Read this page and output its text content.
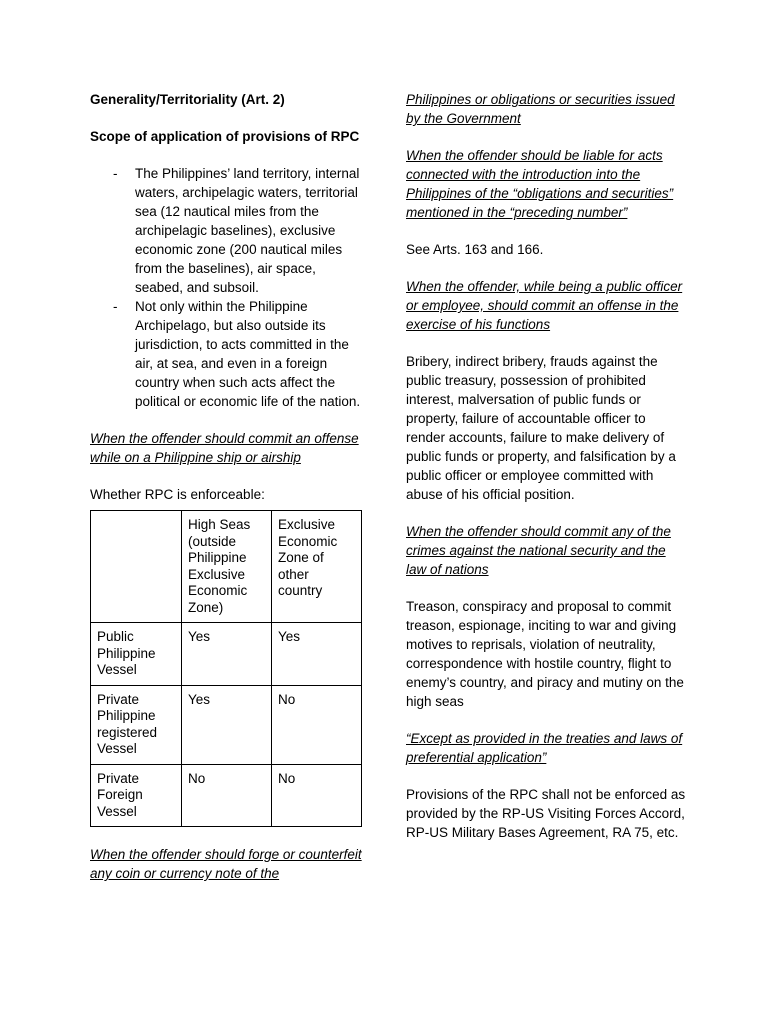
Generality/Territoriality (Art. 2)

Scope of application of provisions of RPC

- The Philippines’ land territory, internal waters, archipelagic waters, territorial sea (12 nautical miles from the archipelagic baselines), exclusive economic zone (200 nautical miles from the baselines), air space, seabed, and subsoil.
- Not only within the Philippine Archipelago, but also outside its jurisdiction, to acts committed in the air, at sea, and even in a foreign country when such acts affect the political or economic life of the nation.

When the offender should commit an offense while on a Philippine ship or airship

Whether RPC is enforceable:

	High Seas (outside Philippine Exclusive Economic Zone)	Exclusive Economic Zone of other country
Public Philippine Vessel	Yes	Yes
Private Philippine registered Vessel	Yes	No
Private Foreign Vessel	No	No

When the offender should forge or counterfeit any coin or currency note of the

Philippines or obligations or securities issued by the Government

When the offender should be liable for acts connected with the introduction into the Philippines of the “obligations and securities” mentioned in the “preceding number”

See Arts. 163 and 166.

When the offender, while being a public officer or employee, should commit an offense in the exercise of his functions

Bribery, indirect bribery, frauds against the public treasury, possession of prohibited interest, malversation of public funds or property, failure of accountable officer to render accounts, failure to make delivery of public funds or property, and falsification by a public officer or employee committed with abuse of his official position.

When the offender should commit any of the crimes against the national security and the law of nations

Treason, conspiracy and proposal to commit treason, espionage, inciting to war and giving motives to reprisals, violation of neutrality, correspondence with hostile country, flight to enemy’s country, and piracy and mutiny on the high seas

“Except as provided in the treaties and laws of preferential application”

Provisions of the RPC shall not be enforced as provided by the RP-US Visiting Forces Accord, RP-US Military Bases Agreement, RA 75, etc.
